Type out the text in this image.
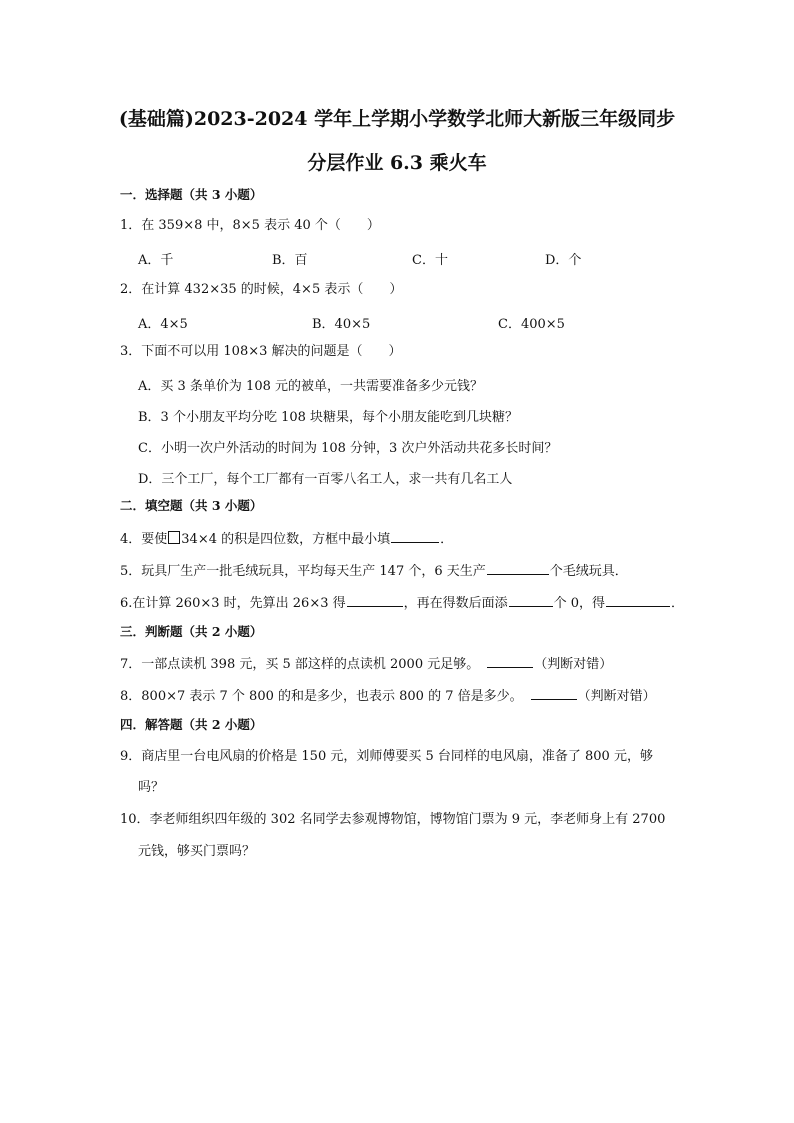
(基础篇)2023-2024 学年上学期小学数学北师大新版三年级同步
分层作业 6.3 乘火车
一．选择题（共 3 小题）
1．在 359×8 中，8×5 表示 40 个（　　）
A．千	B．百	C．十	D．个
2．在计算 432×35 的时候，4×5 表示（　　）
A．4×5	B．40×5	C．400×5
3．下面不可以用 108×3 解决的问题是（　　）
A．买 3 条单价为 108 元的被单，一共需要准备多少元钱？
B．3 个小朋友平均分吃 108 块糖果，每个小朋友能吃到几块糖？
C．小明一次户外活动的时间为 108 分钟，3 次户外活动共花多长时间？
D．三个工厂，每个工厂都有一百零八名工人，求一共有几名工人
二．填空题（共 3 小题）
4．要使 34×4 的积是四位数，方框中最小填	．
5．玩具厂生产一批毛绒玩具，平均每天生产 147 个，6 天生产	个毛绒玩具．
6.在计算 260×3 时，先算出 26×3 得	，再在得数后面添	个 0，得	．
三．判断题（共 2 小题）
7．一部点读机 398 元，买 5 部这样的点读机 2000 元足够。	（判断对错）
8．800×7 表示 7 个 800 的和是多少，也表示 800 的 7 倍是多少。	（判断对错）
四．解答题（共 2 小题）
9．商店里一台电风扇的价格是 150 元，刘师傅要买 5 台同样的电风扇，准备了 800 元，够
吗？
10．李老师组织四年级的 302 名同学去参观博物馆，博物馆门票为 9 元，李老师身上有 2700
元钱，够买门票吗？
